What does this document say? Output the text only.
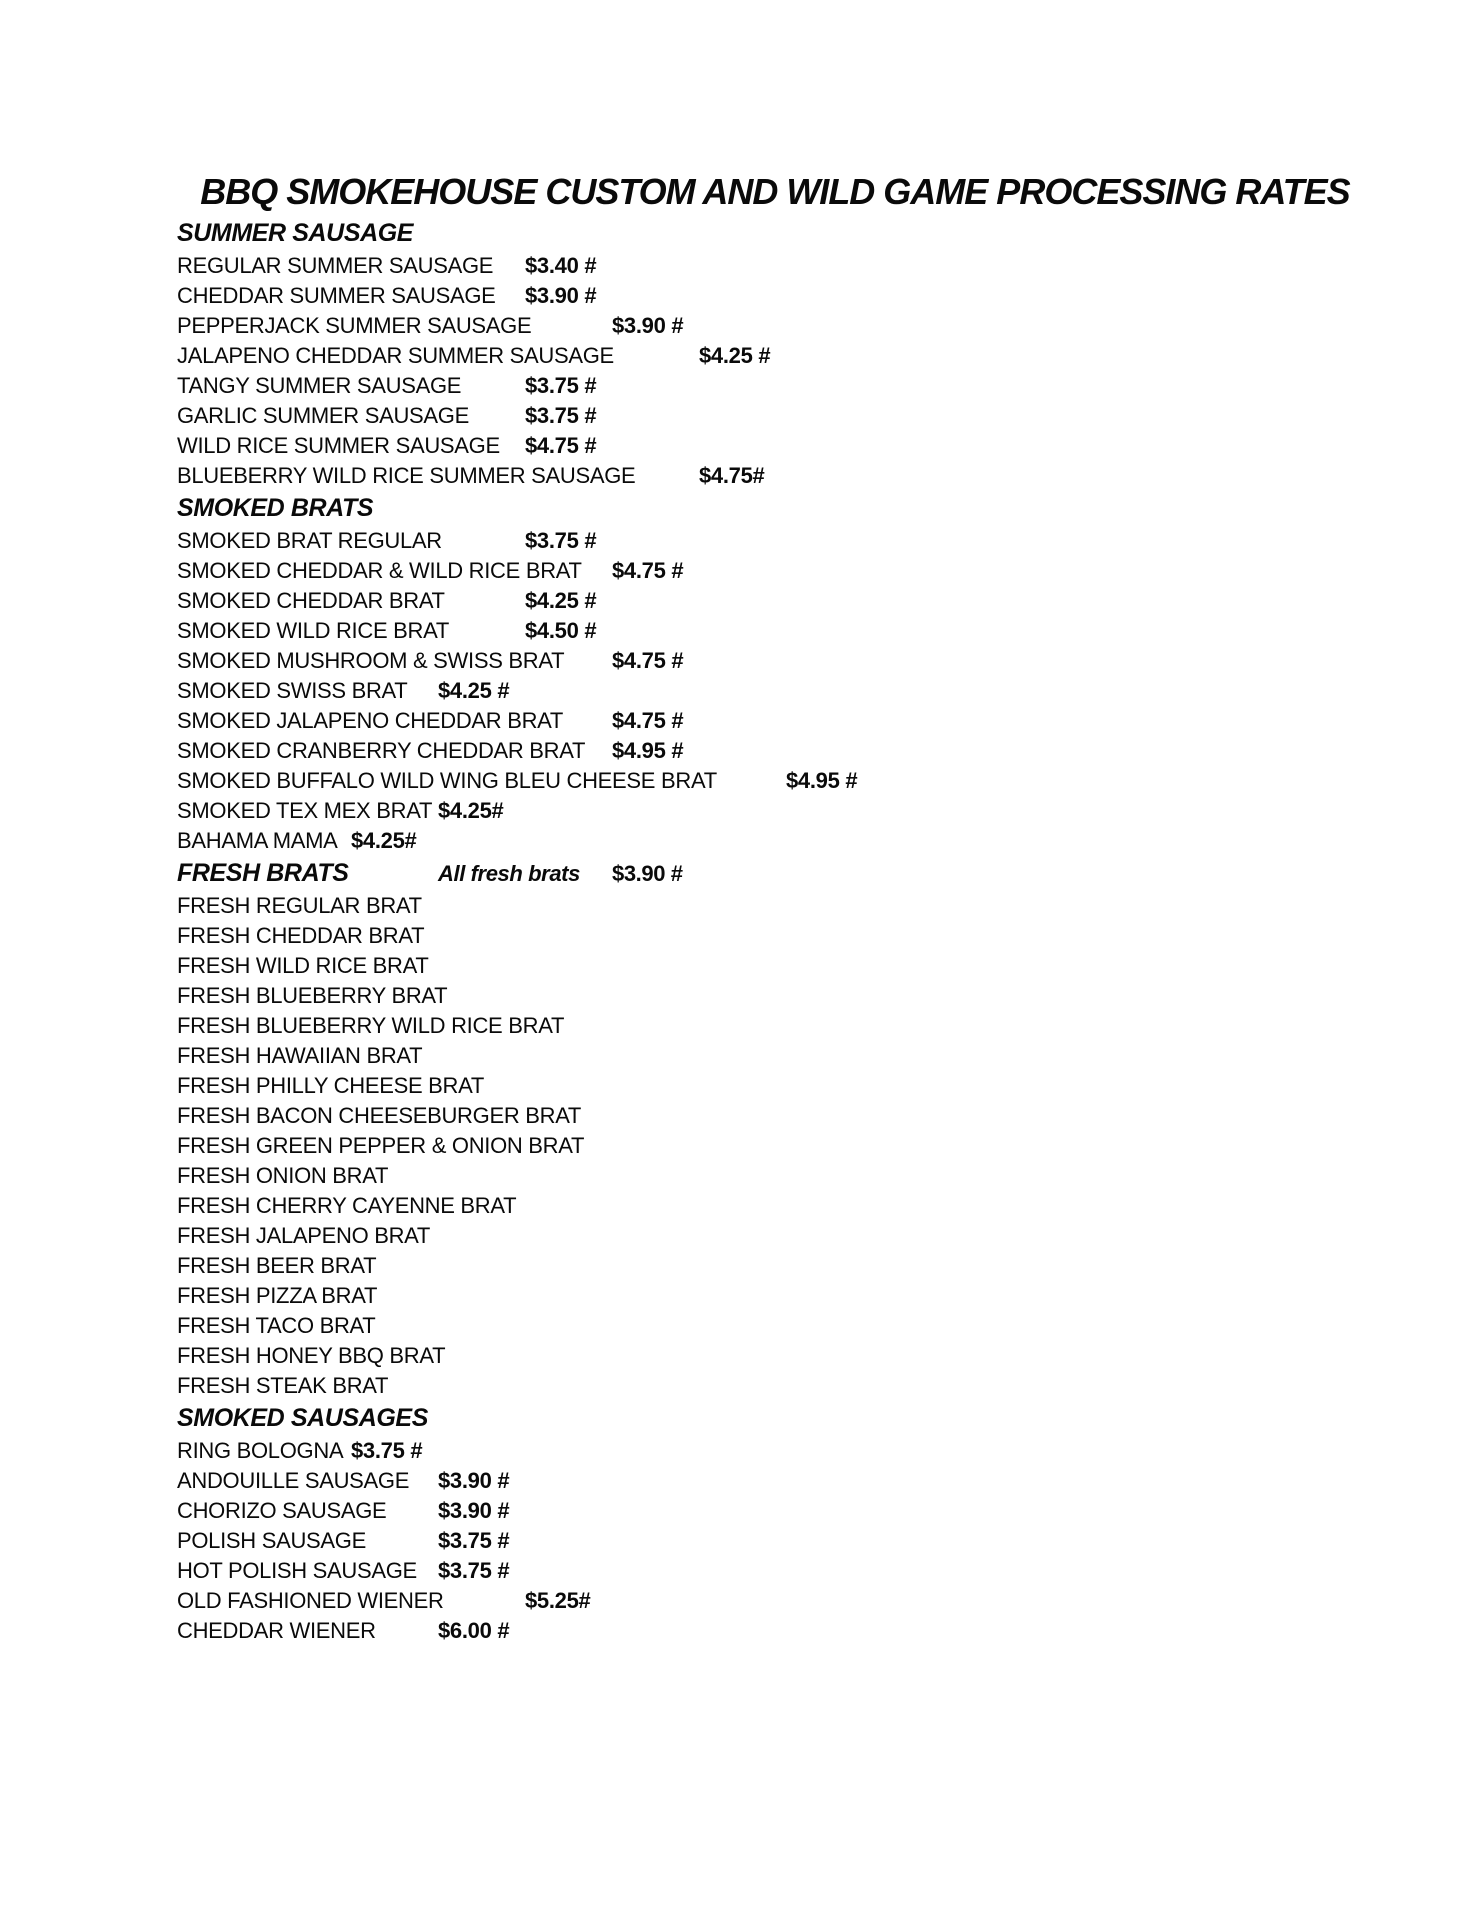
BBQ SMOKEHOUSE CUSTOM AND WILD GAME PROCESSING RATES
SUMMER SAUSAGE		
REGULAR SUMMER SAUSAGE	$3.40 #
CHEDDAR SUMMER SAUSAGE	$3.90 #
PEPPERJACK SUMMER SAUSAGE		$3.90 #
JALAPENO CHEDDAR SUMMER SAUSAGE		$4.25 #
TANGY SUMMER SAUSAGE		$3.75 #
GARLIC SUMMER SAUSAGE		$3.75 #
WILD RICE SUMMER SAUSAGE	$4.75 #
BLUEBERRY WILD RICE SUMMER SAUSAGE		$4.75#
SMOKED BRATS		
SMOKED BRAT REGULAR		$3.75 #
SMOKED CHEDDAR & WILD RICE BRAT	$4.75 #
SMOKED CHEDDAR BRAT		$4.25 #
SMOKED WILD RICE BRAT		$4.50 #
SMOKED MUSHROOM & SWISS BRAT	$4.75 #
SMOKED SWISS BRAT	$4.25 #
SMOKED JALAPENO CHEDDAR BRAT	$4.75 #
SMOKED CRANBERRY CHEDDAR BRAT	$4.95 #
SMOKED BUFFALO WILD WING BLEU CHEESE BRAT		$4.95 #
SMOKED TEX MEX BRAT	$4.25#
BAHAMA MAMA	$4.25#
FRESH BRATS		All fresh brats	$3.90 #
FRESH REGULAR BRAT	
FRESH CHEDDAR BRAT	
FRESH WILD RICE BRAT	
FRESH BLUEBERRY BRAT	
FRESH BLUEBERRY WILD RICE BRAT	
FRESH HAWAIIAN BRAT	
FRESH PHILLY CHEESE BRAT	
FRESH BACON CHEESEBURGER BRAT	
FRESH GREEN PEPPER & ONION BRAT	
FRESH ONION BRAT	
FRESH CHERRY CAYENNE BRAT	
FRESH JALAPENO BRAT	
FRESH BEER BRAT	
FRESH PIZZA BRAT	
FRESH TACO BRAT	
FRESH HONEY BBQ BRAT	
FRESH STEAK BRAT	
SMOKED SAUSAGES		
RING BOLOGNA	$3.75 #
ANDOUILLE SAUSAGE	$3.90 #
CHORIZO SAUSAGE	$3.90 #
POLISH SAUSAGE		$3.75 #
HOT POLISH SAUSAGE	$3.75 #
OLD FASHIONED WIENER		$5.25#
CHEDDAR WIENER		$6.00 #
